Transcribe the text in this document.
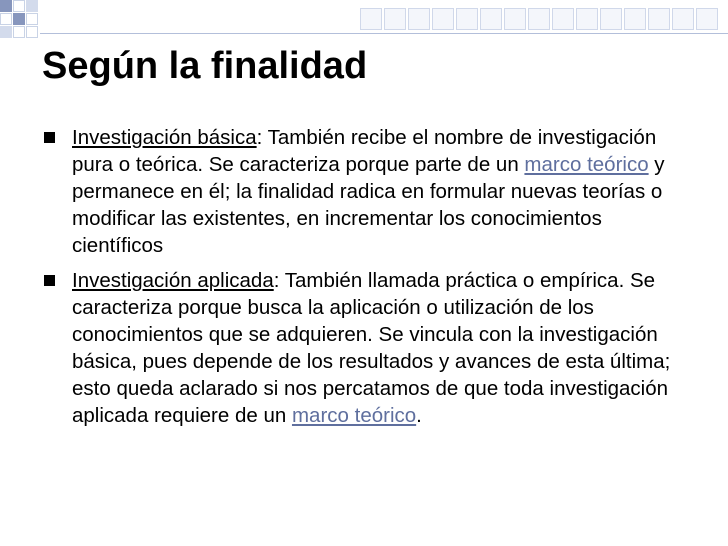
Según la finalidad
Investigación básica: También recibe el nombre de investigación pura o teórica. Se caracteriza porque parte de un marco teórico y permanece en él; la finalidad radica en formular nuevas teorías o modificar las existentes, en incrementar los conocimientos científicos
Investigación aplicada: También llamada práctica o empírica. Se caracteriza porque busca la aplicación o utilización de los conocimientos que se adquieren. Se vincula con la investigación básica, pues depende de los resultados y avances de esta última; esto queda aclarado si nos percatamos de que toda investigación aplicada requiere de un marco teórico.
